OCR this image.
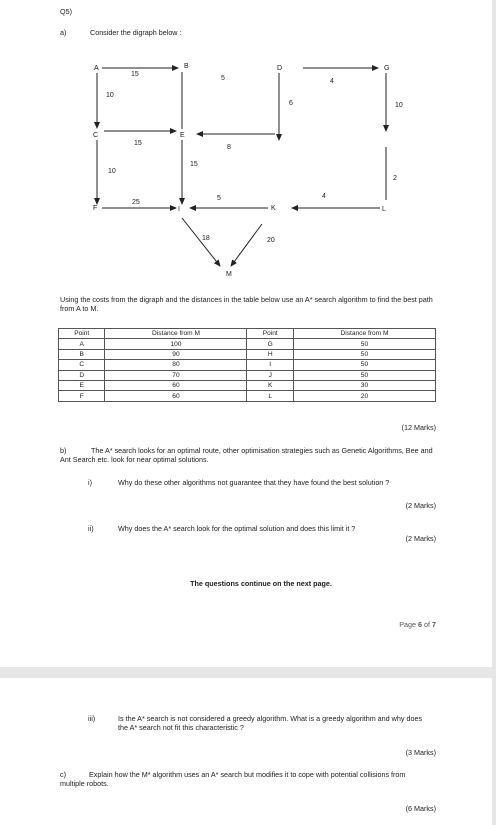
Q5)
a)	Consider the digraph below :
A	B	D	G
C	E
F	I	K	L
M
15
5	4
10
6	10
15
8
15
10
25
5	4
2
18	20
Using the costs from the digraph and the distances in the table below use an A* search algorithm to find the best path from A to M.
Point	Distance from M	Point	Distance from M
A	100	G	50
B	90	H	50
C	80	I	50
D	70	J	50
E	60	K	30
F	60	L	20
(12 Marks)
b)	The A* search looks for an optimal route, other optimisation strategies such as Genetic Algorithms, Bee and Ant Search etc. look for near optimal solutions.
i)	Why do these other algorithms not guarantee that they have found the best solution ?
(2 Marks)
ii)	Why does the A* search look for the optimal solution and does this limit it ?
(2 Marks)
The questions continue on the next page.
Page 6 of 7
iii)	Is the A* search is not considered a greedy algorithm. What is a greedy algorithm and why does the A* search not fit this characteristic ?
(3 Marks)
c)	Explain how the M* algorithm uses an A* search but modifies it to cope with potential collisions from multiple robots.
(6 Marks)
